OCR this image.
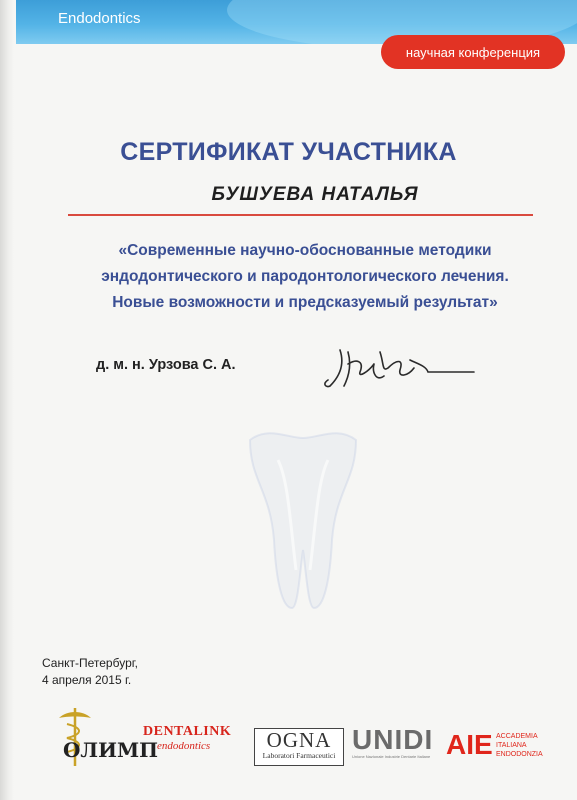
Endodontics
научная конференция
СЕРТИФИКАТ УЧАСТНИКА
БУШУЕВА НАТАЛЬЯ
«Современные научно-обоснованные методики
эндодонтического и пародонтологического лечения.
Новые возможности и предсказуемый результат»
д. м. н. Урзова С. А.
Санкт-Петербург,
4 апреля 2015 г.
ОЛИМП
DENTALINK
endodontics	OGNA
Laboratori Farmaceutici
UNIDI
Unione Nazionale Industrie Dentarie Italiane AIE ACCADEMIA
ITALIANA
ENDODONZIA
